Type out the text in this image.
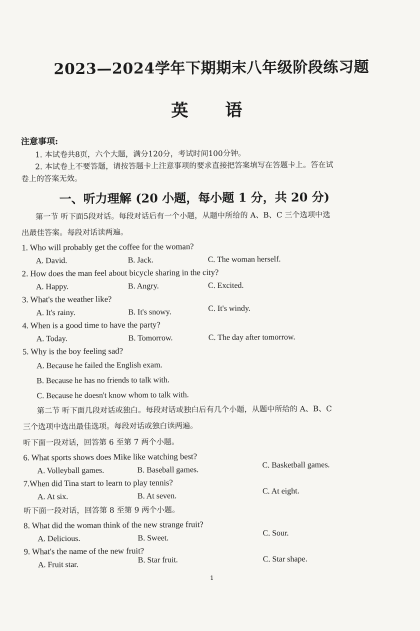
2023—2024学年下期期末八年级阶段练习题
英　语
注意事项:
1. 本试卷共8页，六个大题，满分120分，考试时间100分钟。
2. 本试卷上不要答题，请按答题卡上注意事项的要求直接把答案填写在答题卡上。答在试
卷上的答案无效。
一、听力理解 (20 小题，每小题 1 分，共 20 分)
第一节 听下面5段对话。每段对话后有一个小题，从题中所给的 A、B、C 三个选项中选
出最佳答案。每段对话读两遍。
1. Who will probably get the coffee for the woman?
A. David.	B. Jack.	C. The woman herself.
2. How does the man feel about bicycle sharing in the city?
A. Happy.	B. Angry.	C. Excited.
3. What's the weather like?
A. It's rainy.	B. It's snowy.	C. It's windy.
4. When is a good time to have the party?
A. Today.	B. Tomorrow.	C. The day after tomorrow.
5. Why is the boy feeling sad?
A. Because he failed the English exam.
B. Because he has no friends to talk with.
C. Because he doesn't know whom to talk with.
第二节 听下面几段对话或独白。每段对话或独白后有几个小题，从题中所给的 A、B、C
三个选项中选出最佳选项。每段对话或独白读两遍。
听下面一段对话，回答第 6 至第 7 两个小题。
6. What sports shows does Mike like watching best?
A. Volleyball games.	B. Baseball games.
C. Basketball games.
7.When did Tina start to learn to play tennis?
A. At six.	B. At seven.
C. At eight.
听下面一段对话，回答第 8 至第 9 两个小题。
8. What did the woman think of the new strange fruit?
A. Delicious.	B. Sweet.
C. Sour.
9. What's the name of the new fruit?
A. Fruit star.
B. Star fruit.	C. Star shape.
1
